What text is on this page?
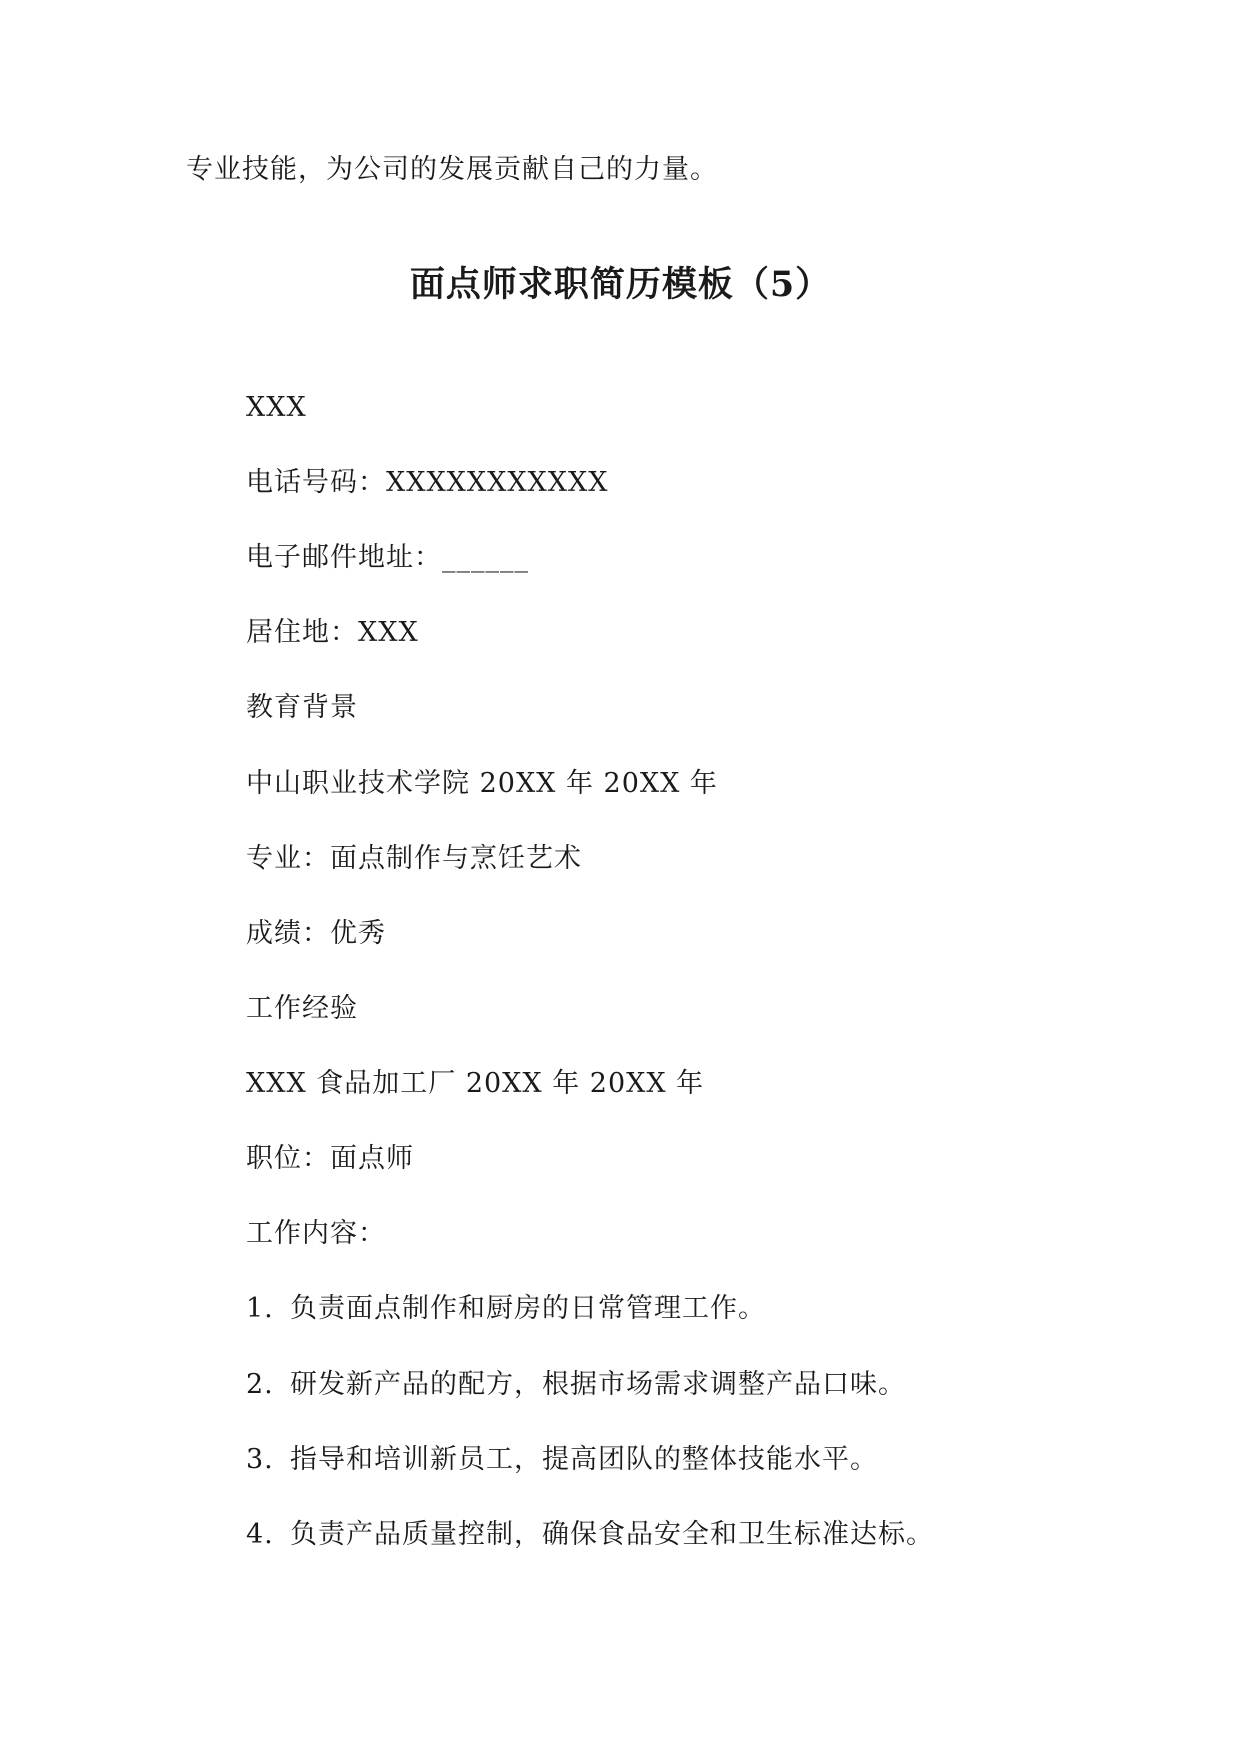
专业技能，为公司的发展贡献自己的力量。
面点师求职简历模板（5）
XXX
电话号码：XXXXXXXXXXX
电子邮件地址：______
居住地：XXX
教育背景
中山职业技术学院 20XX 年 20XX 年
专业：面点制作与烹饪艺术
成绩：优秀
工作经验
XXX 食品加工厂 20XX 年 20XX 年
职位：面点师
工作内容：
1. 负责面点制作和厨房的日常管理工作。
2. 研发新产品的配方，根据市场需求调整产品口味。
3. 指导和培训新员工，提高团队的整体技能水平。
4. 负责产品质量控制，确保食品安全和卫生标准达标。
